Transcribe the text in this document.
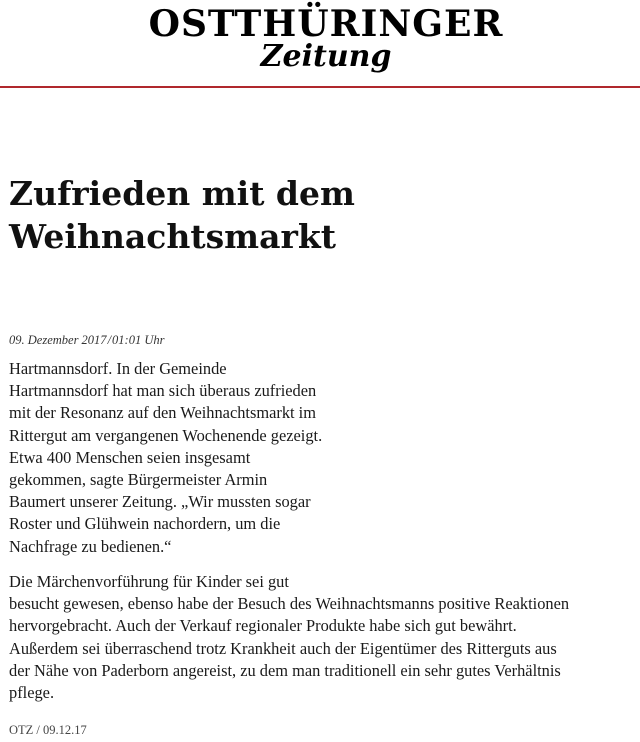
OSTTHÜRINGER
Zeitung
Zufrieden mit dem
Weihnachtsmarkt
09. Dezember 2017/01:01 Uhr

Hartmannsdorf. In der Gemeinde
Hartmannsdorf hat man sich überaus zufrieden
mit der Resonanz auf den Weihnachtsmarkt im
Rittergut am vergangenen Wochenende gezeigt.
Etwa 400 Menschen seien insgesamt
gekommen, sagte Bürgermeister Armin
Baumert unserer Zeitung. „Wir mussten sogar
Roster und Glühwein nachordern, um die
Nachfrage zu bedienen.“

Die Märchenvorführung für Kinder sei gut
besucht gewesen, ebenso habe der Besuch des Weihnachtsmanns positive Reaktionen
hervorgebracht. Auch der Verkauf regionaler Produkte habe sich gut bewährt.
Außerdem sei überraschend trotz Krankheit auch der Eigentümer des Ritterguts aus
der Nähe von Paderborn angereist, zu dem man traditionell ein sehr gutes Verhältnis
pflege.

OTZ / 09.12.17
